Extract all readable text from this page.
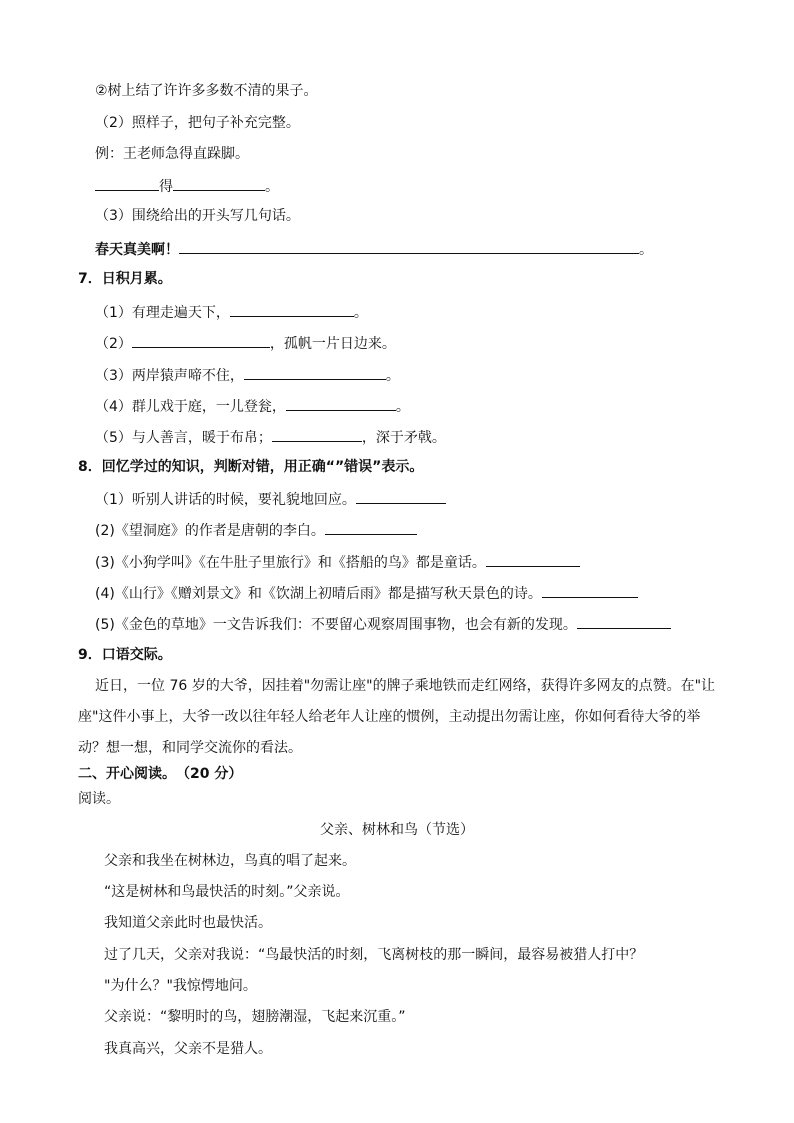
②树上结了许许多多数不清的果子。
（2）照样子，把句子补充完整。
例：王老师急得直跺脚。
得	。
（3）围绕给出的开头写几句话。
春天真美啊！	。
7．日积月累。
（1）有理走遍天下，	。
（2）	，孤帆一片日边来。
（3）两岸猿声啼不住，	。
（4）群儿戏于庭，一儿登瓮，	。
（5）与人善言，暖于布帛；	，深于矛戟。
8．回忆学过的知识，判断对错，用正确“”错误”表示。
（1）听别人讲话的时候，要礼貌地回应。
(2)《望洞庭》的作者是唐朝的李白。
(3)《小狗学叫》《在牛肚子里旅行》和《搭船的鸟》都是童话。
(4)《山行》《赠刘景文》和《饮湖上初晴后雨》都是描写秋天景色的诗。
(5)《金色的草地》一文告诉我们：不要留心观察周围事物，也会有新的发现。
9．口语交际。
近日，一位 76 岁的大爷，因挂着"勿需让座"的牌子乘地铁而走红网络，获得许多网友的点赞。在"让
座"这件小事上，大爷一改以往年轻人给老年人让座的惯例，主动提出勿需让座，你如何看待大爷的举
动？想一想，和同学交流你的看法。
二、开心阅读。　（20 分）
阅读。
父亲、树林和鸟（节选）
父亲和我坐在树林边，鸟真的唱了起来。
“这是树林和鸟最快活的时刻。”父亲说。
我知道父亲此时也最快活。
过了几天，父亲对我说：“鸟最快活的时刻，飞离树枝的那一瞬间，最容易被猎人打中？
"为什么？"我惊愕地问。
父亲说：“黎明时的鸟，翅膀潮湿，飞起来沉重。”
我真高兴，父亲不是猎人。
